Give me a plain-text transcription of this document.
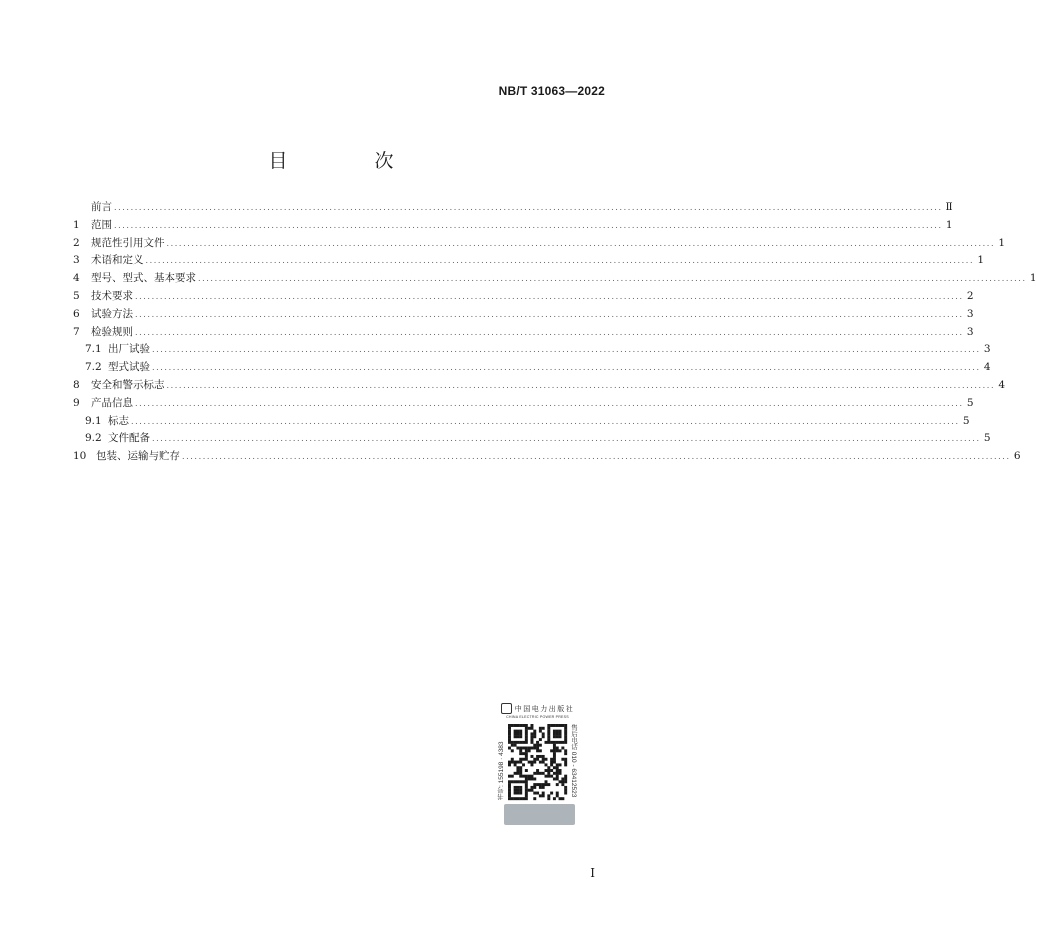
NB/T 31063—2022
目　次
前言 ........................................................................................................................................................................................................ Ⅱ
1	范围 ........................................................................................................................................................................................................ 1
2	规范性引用文件 ........................................................................................................................................................................................................ 1
3	术语和定义 ........................................................................................................................................................................................................ 1
4	型号、型式、基本要求 ........................................................................................................................................................................................................ 1
5	技术要求 ........................................................................................................................................................................................................ 2
6	试验方法 ........................................................................................................................................................................................................ 3
7	检验规则 ........................................................................................................................................................................................................ 3
7.1 出厂试验 ........................................................................................................................................................................................................ 3
7.2 型式试验 ........................................................................................................................................................................................................ 4
8	安全和警示标志 ........................................................................................................................................................................................................ 4
9	产品信息 ........................................................................................................................................................................................................ 5
9.1 标志 ........................................................................................................................................................................................................ 5
9.2 文件配备 ........................................................................................................................................................................................................ 5
10 包装、运输与贮存 ........................................................................................................................................................................................................ 6
中国电力出版社
CHINA ELECTRIC POWER PRESS
书号: 155198 · 4383	售后电话 010 - 63412523
I
